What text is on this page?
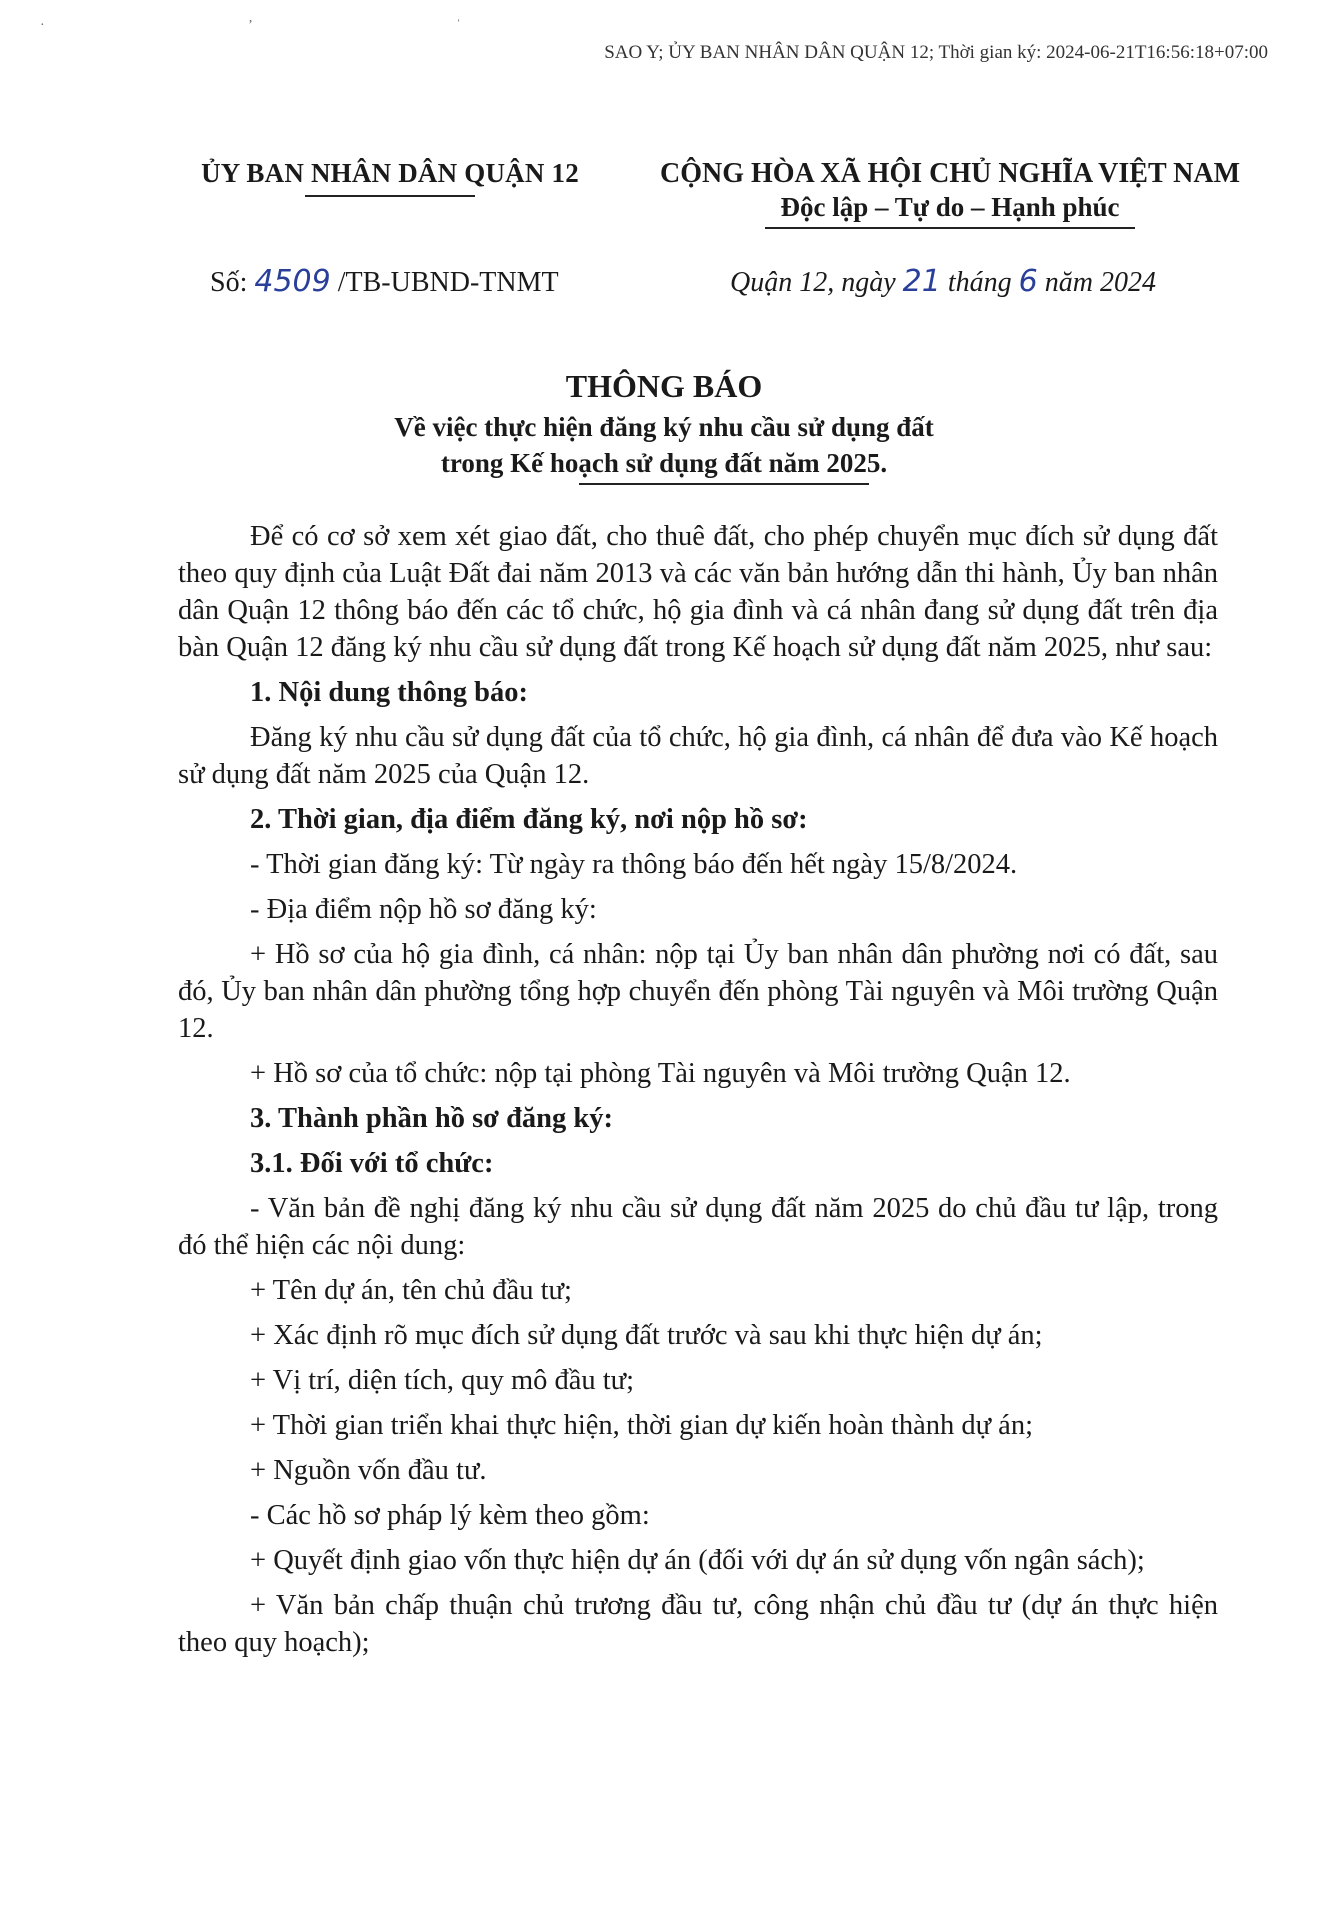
· ʼ ˈ
SAO Y; ỦY BAN NHÂN DÂN QUẬN 12; Thời gian ký: 2024-06-21T16:56:18+07:00
ỦY BAN NHÂN DÂN QUẬN 12	CỘNG HÒA XÃ HỘI CHỦ NGHĨA VIỆT NAM
Độc lập – Tự do – Hạnh phúc
Số: 4509 /TB-UBND-TNMT	Quận 12, ngày 21 tháng 6 năm 2024
THÔNG BÁO
Về việc thực hiện đăng ký nhu cầu sử dụng đất
trong Kế hoạch sử dụng đất năm 2025.

Để có cơ sở xem xét giao đất, cho thuê đất, cho phép chuyển mục đích sử dụng đất theo quy định của Luật Đất đai năm 2013 và các văn bản hướng dẫn thi hành, Ủy ban nhân dân Quận 12 thông báo đến các tổ chức, hộ gia đình và cá nhân đang sử dụng đất trên địa bàn Quận 12 đăng ký nhu cầu sử dụng đất trong Kế hoạch sử dụng đất năm 2025, như sau:

1. Nội dung thông báo:

Đăng ký nhu cầu sử dụng đất của tổ chức, hộ gia đình, cá nhân để đưa vào Kế hoạch sử dụng đất năm 2025 của Quận 12.

2. Thời gian, địa điểm đăng ký, nơi nộp hồ sơ:

- Thời gian đăng ký: Từ ngày ra thông báo đến hết ngày 15/8/2024.

- Địa điểm nộp hồ sơ đăng ký:

+ Hồ sơ của hộ gia đình, cá nhân: nộp tại Ủy ban nhân dân phường nơi có đất, sau đó, Ủy ban nhân dân phường tổng hợp chuyển đến phòng Tài nguyên và Môi trường Quận 12.

+ Hồ sơ của tổ chức: nộp tại phòng Tài nguyên và Môi trường Quận 12.

3. Thành phần hồ sơ đăng ký:

3.1. Đối với tổ chức:

- Văn bản đề nghị đăng ký nhu cầu sử dụng đất năm 2025 do chủ đầu tư lập, trong đó thể hiện các nội dung:

+ Tên dự án, tên chủ đầu tư;

+ Xác định rõ mục đích sử dụng đất trước và sau khi thực hiện dự án;

+ Vị trí, diện tích, quy mô đầu tư;

+ Thời gian triển khai thực hiện, thời gian dự kiến hoàn thành dự án;

+ Nguồn vốn đầu tư.

- Các hồ sơ pháp lý kèm theo gồm:

+ Quyết định giao vốn thực hiện dự án (đối với dự án sử dụng vốn ngân sách);

+ Văn bản chấp thuận chủ trương đầu tư, công nhận chủ đầu tư (dự án thực hiện theo quy hoạch);
